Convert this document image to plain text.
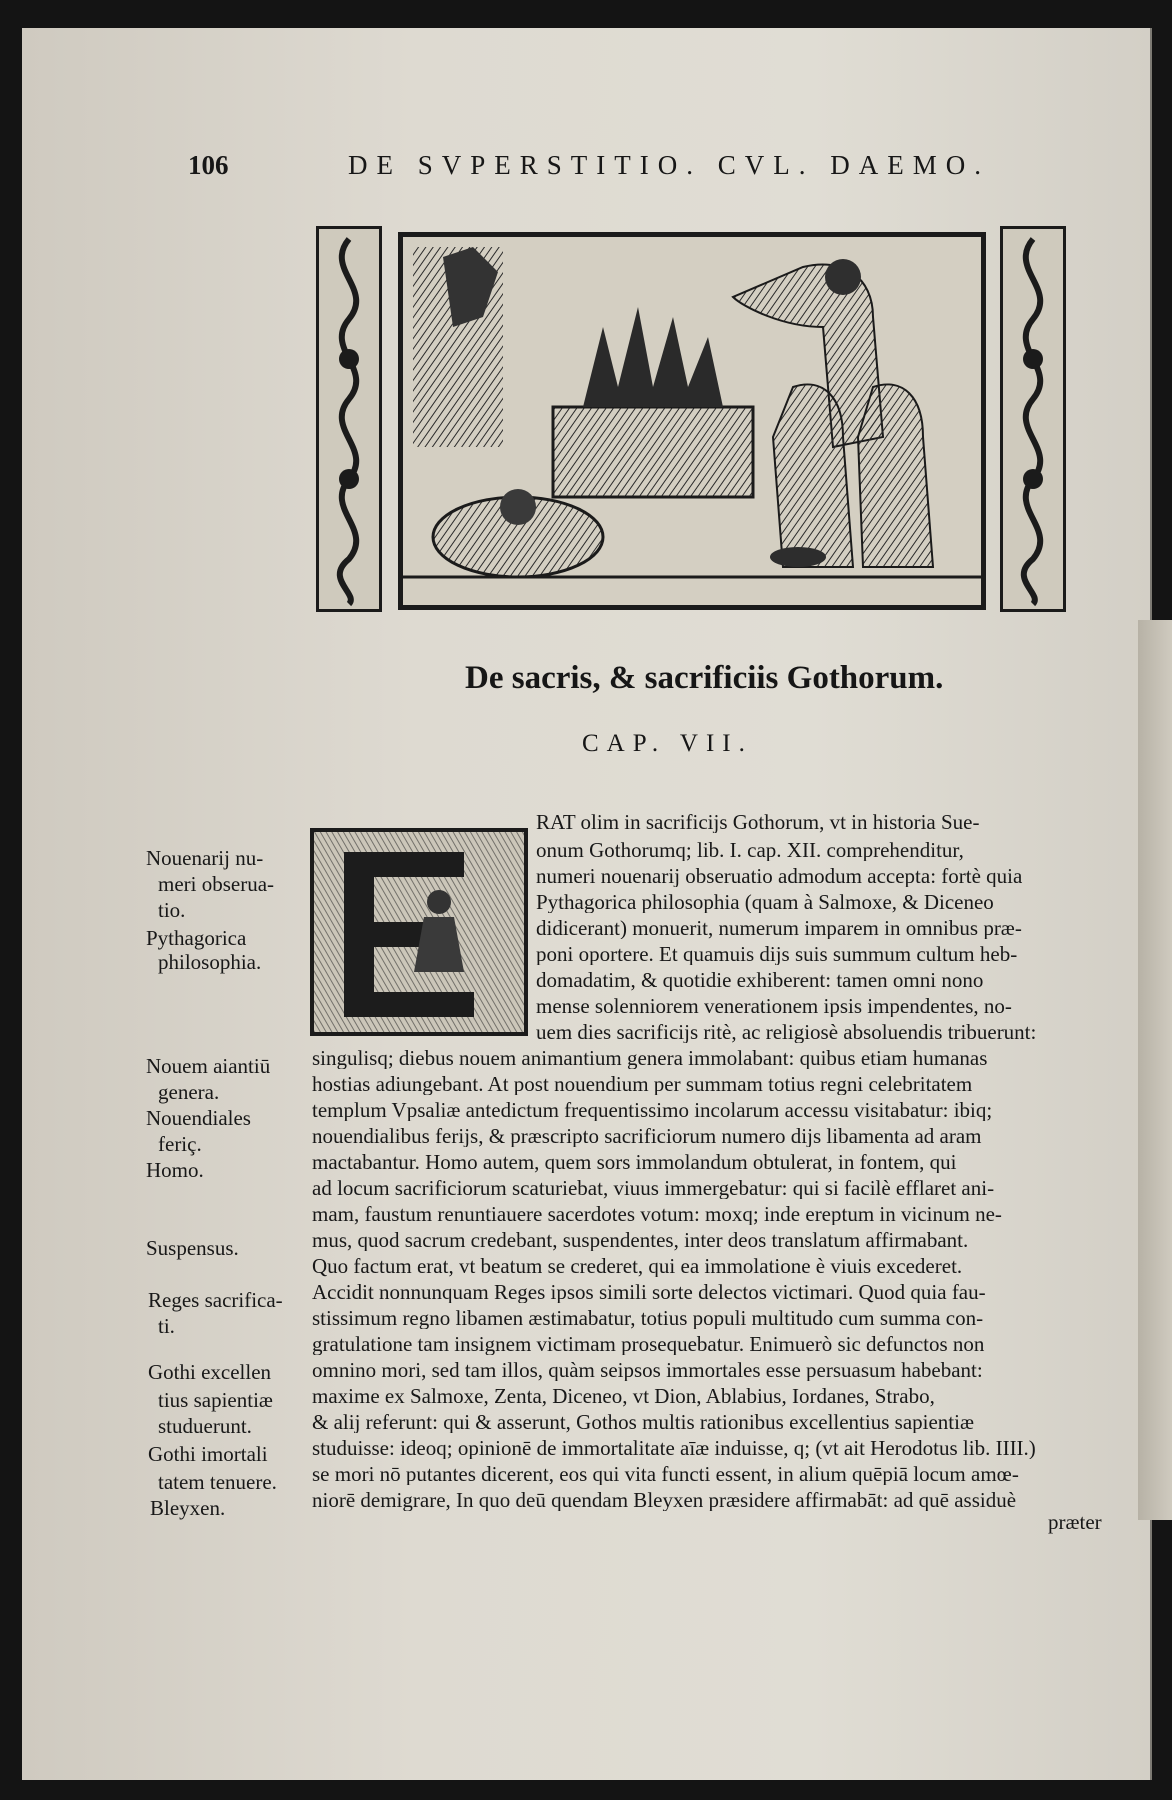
106	DE SVPERSTITIO. CVL. DAEMO.
De sacris, & sacrificiis Gothorum.
CAP. VII.
RAT olim in sacrificijs Gothorum, vt in historia Sue-
onum Gothorumq; lib. I. cap. XII. comprehenditur,
numeri nouenarij obseruatio admodum accepta: fortè quia
Pythagorica philosophia (quam à Salmoxe, & Diceneo
didicerant) monuerit, numerum imparem in omnibus præ-
poni oportere. Et quamuis dijs suis summum cultum heb-
domadatim, & quotidie exhiberent: tamen omni nono
mense solenniorem venerationem ipsis impendentes, no-
uem dies sacrificijs ritè, ac religiosè absoluendis tribuerunt:
singulisq; diebus nouem animantium genera immolabant: quibus etiam humanas
hostias adiungebant. At post nouendium per summam totius regni celebritatem
templum Vpsaliæ antedictum frequentissimo incolarum accessu visitabatur: ibiq;
nouendialibus ferijs, & præscripto sacrificiorum numero dijs libamenta ad aram
mactabantur. Homo autem, quem sors immolandum obtulerat, in fontem, qui
ad locum sacrificiorum scaturiebat, viuus immergebatur: qui si facilè efflaret ani-
mam, faustum renuntiauere sacerdotes votum: moxq; inde ereptum in vicinum ne-
mus, quod sacrum credebant, suspendentes, inter deos translatum affirmabant.
Quo factum erat, vt beatum se crederet, qui ea immolatione è viuis excederet.
Accidit nonnunquam Reges ipsos simili sorte delectos victimari. Quod quia fau-
stissimum regno libamen æstimabatur, totius populi multitudo cum summa con-
gratulatione tam insignem victimam prosequebatur. Enimuerò sic defunctos non
omnino mori, sed tam illos, quàm seipsos immortales esse persuasum habebant:
maxime ex Salmoxe, Zenta, Diceneo, vt Dion, Ablabius, Iordanes, Strabo,
& alij referunt: qui & asserunt, Gothos multis rationibus excellentius sapientiæ
studuisse: ideoq; opinionē de immortalitate aīæ induisse, q; (vt ait Herodotus lib. IIII.)
se mori nō putantes dicerent, eos qui vita functi essent, in alium quēpiā locum amœ-
niorē demigrare, In quo deū quendam Bleyxen præsidere affirmabāt: ad quē assiduè
Nouenarij nu-
meri obserua-
tio.
Pythagorica
philosophia.
Nouem aiantiū
genera.
Nouendiales
feriç.
Homo.
Suspensus.
Reges sacrifica-
ti.
Gothi excellen
tius sapientiæ
studuerunt.
Gothi imortali
tatem tenuere.
Bleyxen.
præter
